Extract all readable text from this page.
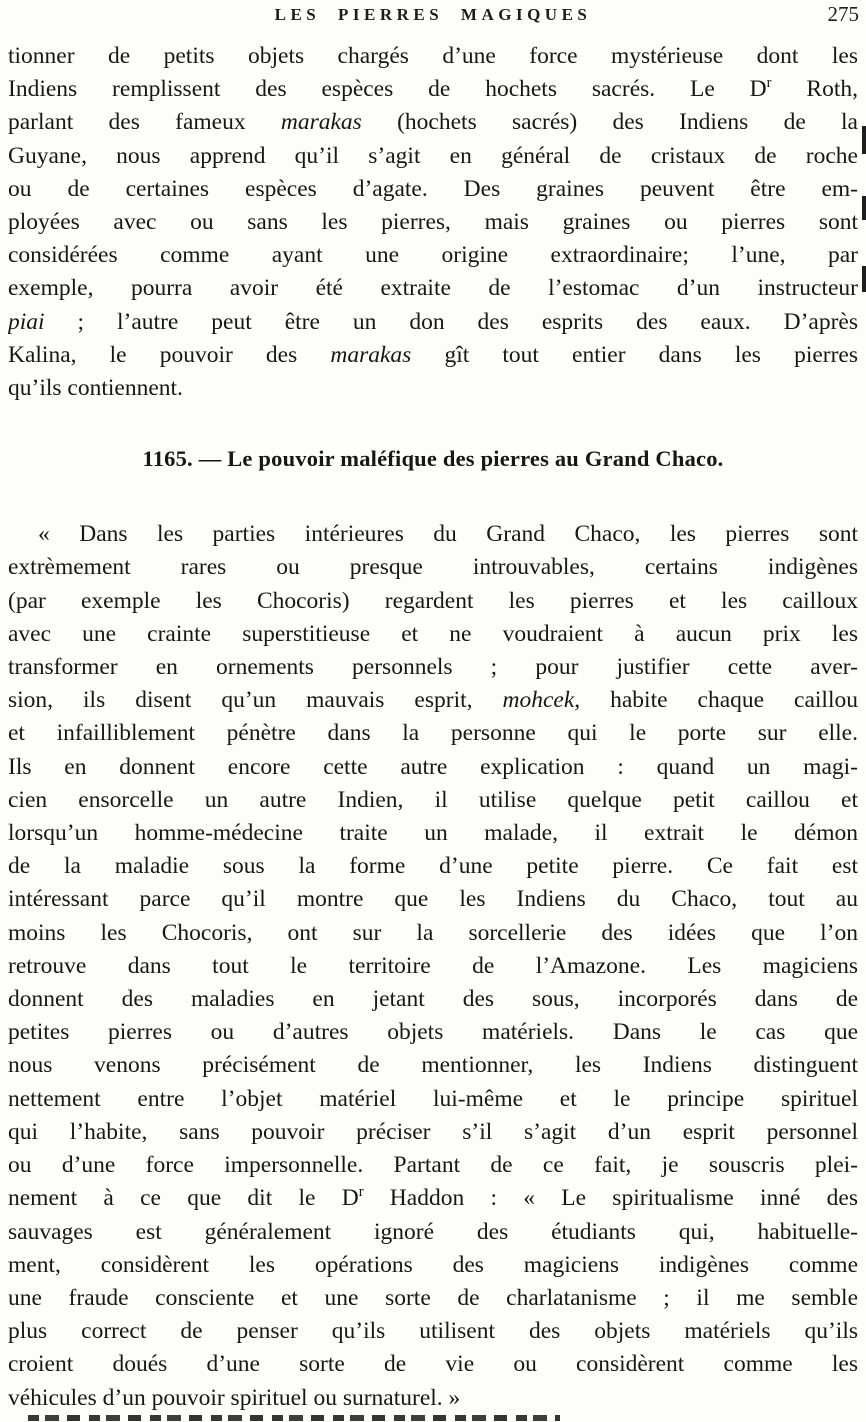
LES PIERRES MAGIQUES	275
tionner de petits objets chargés d’une force mystérieuse dont les
Indiens remplissent des espèces de hochets sacrés. Le $D^r$ Roth,
parlant des fameux marakas (hochets sacrés) des Indiens de la
Guyane, nous apprend qu’il s’agit en général de cristaux de roche
ou de certaines espèces d’agate. Des graines peuvent être em-
ployées avec ou sans les pierres, mais graines ou pierres sont
considérées comme ayant une origine extraordinaire; l’une, par
exemple, pourra avoir été extraite de l’estomac d’un instructeur
piai ; l’autre peut être un don des esprits des eaux. D’après
Kalina, le pouvoir des marakas gît tout entier dans les pierres
qu’ils contiennent.
1165. — Le pouvoir maléfique des pierres au Grand Chaco.
« Dans les parties intérieures du Grand Chaco, les pierres sont
extrèmement rares ou presque introuvables, certains indigènes
(par exemple les Chocoris) regardent les pierres et les cailloux
avec une crainte superstitieuse et ne voudraient à aucun prix les
transformer en ornements personnels ; pour justifier cette aver-
sion, ils disent qu’un mauvais esprit, mohcek, habite chaque caillou
et infailliblement pénètre dans la personne qui le porte sur elle.
Ils en donnent encore cette autre explication : quand un magi-
cien ensorcelle un autre Indien, il utilise quelque petit caillou et
lorsqu’un homme-médecine traite un malade, il extrait le démon
de la maladie sous la forme d’une petite pierre. Ce fait est
intéressant parce qu’il montre que les Indiens du Chaco, tout au
moins les Chocoris, ont sur la sorcellerie des idées que l’on
retrouve dans tout le territoire de l’Amazone. Les magiciens
donnent des maladies en jetant des sous, incorporés dans de
petites pierres ou d’autres objets matériels. Dans le cas que
nous venons précisément de mentionner, les Indiens distinguent
nettement entre l’objet matériel lui-même et le principe spirituel
qui l’habite, sans pouvoir préciser s’il s’agit d’un esprit personnel
ou d’une force impersonnelle. Partant de ce fait, je souscris plei-
nement à ce que dit le $D^r$ Haddon : « Le spiritualisme inné des
sauvages est généralement ignoré des étudiants qui, habituelle-
ment, considèrent les opérations des magiciens indigènes comme
une fraude consciente et une sorte de charlatanisme ; il me semble
plus correct de penser qu’ils utilisent des objets matériels qu’ils
croient doués d’une sorte de vie ou considèrent comme les
véhicules d’un pouvoir spirituel ou surnaturel. »
